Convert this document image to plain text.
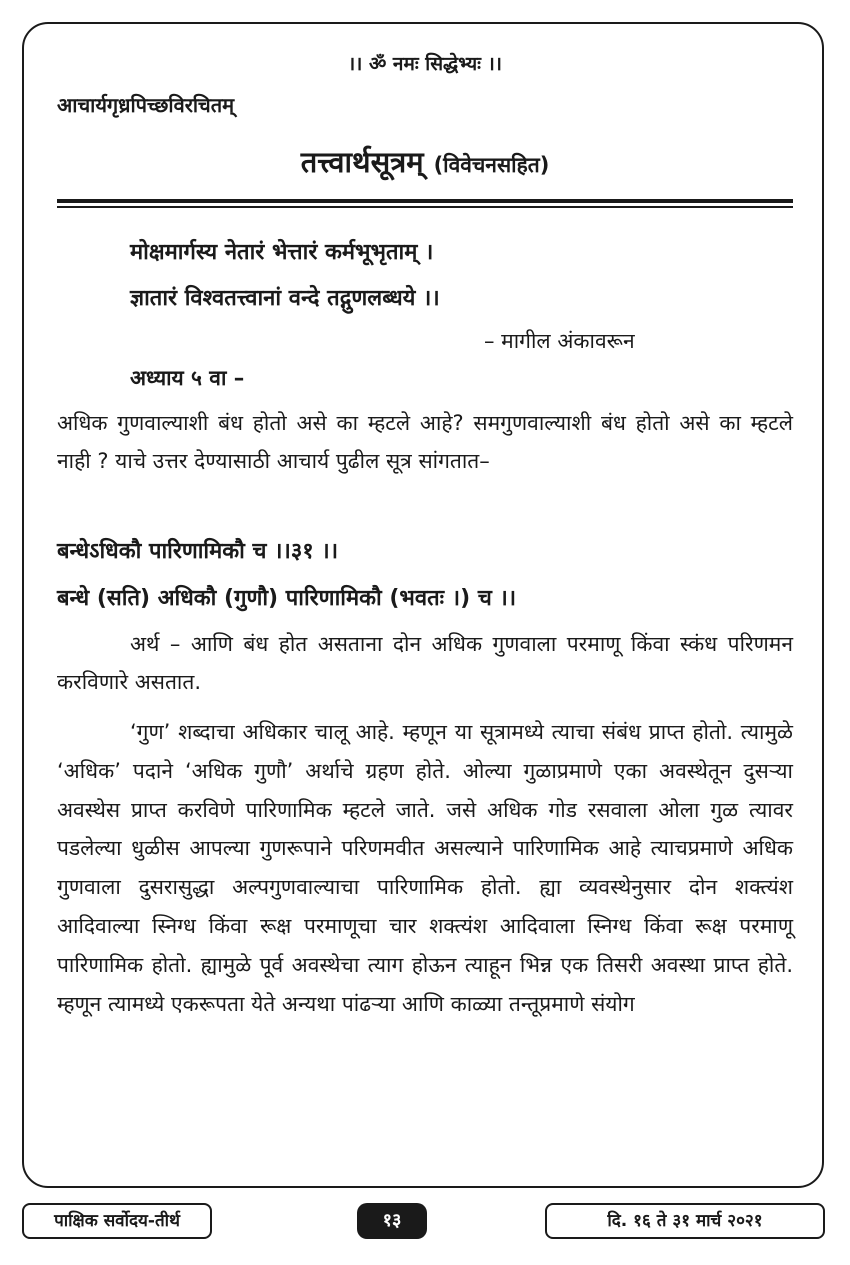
।। ॐ नमः सिद्धेभ्यः ।।
आचार्यगृध्रपिच्छविरचितम्
तत्त्वार्थसूत्रम् (विवेचनसहित)
मोक्षमार्गस्य नेतारं भेत्तारं कर्मभूभृताम् ।
ज्ञातारं विश्वतत्त्वानां वन्दे तद्गुणलब्धये ।।
– मागील अंकावरून
अध्याय ५ वा –
अधिक गुणवाल्याशी बंध होतो असे का म्हटले आहे? समगुणवाल्याशी बंध होतो असे का म्हटले नाही ? याचे उत्तर देण्यासाठी आचार्य पुढील सूत्र सांगतात–
बन्धेऽधिकौ पारिणामिकौ च ।।३१ ।।
बन्धे (सति) अधिकौ (गुणौ) पारिणामिकौ (भवतः ।) च ।।
अर्थ – आणि बंध होत असताना दोन अधिक गुणवाला परमाणू किंवा स्कंध परिणमन करविणारे असतात.
‘गुण’ शब्दाचा अधिकार चालू आहे. म्हणून या सूत्रामध्ये त्याचा संबंध प्राप्त होतो. त्यामुळे ‘अधिक’ पदाने ‘अधिक गुणौ’ अर्थाचे ग्रहण होते. ओल्या गुळाप्रमाणे एका अवस्थेतून दुसऱ्या अवस्थेस प्राप्त करविणे पारिणामिक म्हटले जाते. जसे अधिक गोड रसवाला ओला गुळ त्यावर पडलेल्या धुळीस आपल्या गुणरूपाने परिणमवीत असल्याने पारिणामिक आहे त्याचप्रमाणे अधिक गुणवाला दुसरासुद्धा अल्पगुणवाल्याचा पारिणामिक होतो. ह्या व्यवस्थेनुसार दोन शक्त्यंश आदिवाल्या स्निग्ध किंवा रूक्ष परमाणूचा चार शक्त्यंश आदिवाला स्निग्ध किंवा रूक्ष परमाणू पारिणामिक होतो. ह्यामुळे पूर्व अवस्थेचा त्याग होऊन त्याहून भिन्न एक तिसरी अवस्था प्राप्त होते. म्हणून त्यामध्ये एकरूपता येते अन्यथा पांढऱ्या आणि काळ्या तन्तूप्रमाणे संयोग
पाक्षिक सर्वोदय-तीर्थ	१३	दि. १६ ते ३१ मार्च २०२१
